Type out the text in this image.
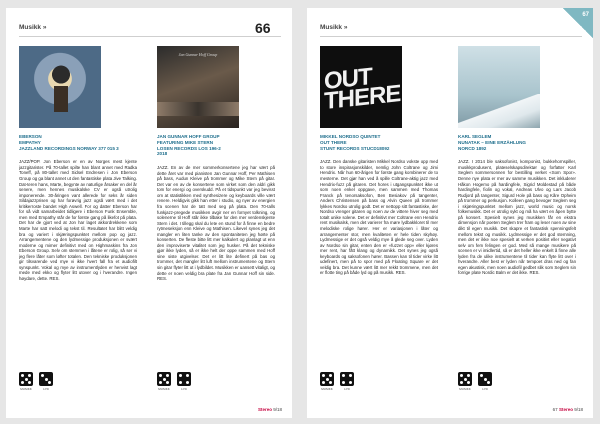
Musikk »	66
EBERSON
EMPATHY
JAZZLAND RECORDINGS NORWAY 377 015 3
JAZZ/POP. Jon Eberson er en av Norges mest kjente jazzgitarister. På 70-tallet spilte han blant annet med Radka Toneff, på 80-tallet med Sidsel Endresen i Jon Eberson Group og ga blant annet ut den fantastiske plata Jive Talking. Dat-teren hans, Marte, begynte av naturlige årsaker en del år senere, men hennes musikalske CV er også utrolig imponerende. 30-åringen vant allerede for seks år siden Sildajazzprisen og har forøvrig jazz også vært med i det kritikerroste bandet High Aswell. For og datter Eberson har for så vidt samarbeidet tidligere i Eberson Funk Ensemble, men med Empathy står de for første gang på likefot på plata. Det har de gjort ved at Jon har laget akkordrekkene som Marte har satt melodi og tekst til. Resultatet har blitt veldig bra og variert i skjæringspunktet mellom pop og jazz. Arrangementene og den lydmessige produksjonen er svært moderne og mimer definitivt med on Highmaskins fra Jon Eberson Group. Selv om stemmen i låtene er rolig, så ser vi jeg flere låter som løfter totalen. Den tekniske produksjonen gir tilsvarende ved mye vi ikke hvert fall fra et audiofilt synspunkt. Vokal og mye av instrumentlyden er henvist lagt mede med ekko og flyter litt utover og i hverandre. Ingen høydare, dette. RES.
Jan Gunnar Hoff Group
JAN GUNNAR HOFF GROUP
FEATURING MIKE STERN
LOSEN RECORDS LOS 196-2
2018
JAZZ. En av de mer sommerkonsertene jeg har vært på dette året var med pianisten Jan Gunnar Hoff, Per Mathisen på bass, Audun Kleive på trommer og Mike Stern på gitar. Det var en av de konsertene som virket som den aldri gikk tom for energi og overskudd. På et tidspunkt var jeg bevisst om at statistikken med synthesizere og keyboards ville vært renere. Heldigvis gikk han etter i studio, og nyer av energien fra scenen har de tatt med seg på plata. Den 70-talls funkjazz-pregede musikken avgir ner en fornyet tolkning, og solenerne til Hoff står ikke tilbake for den mer verdenskjente Stern i det. I tillegg skal du lete en stund for å finne en bedre rytmeseksjon enn Kleive og Mathisen. Likevel synes jeg det mangler en liten tanke av den spontaniteten jeg hørte på konserten. De fleste bitte litt mer kalkulert og planlagt ut enn den improviserte vitalitet som jeg husker. På det tekniske gjør ikke lyden, så er ikke helt der oppe sammen med Hoff sine siste utgivelser. Det er litt lite definert på bas og trommer, det mangler litt luft mellom instrumentene og Stern sin gitar flyter litt ut i lydbildet. Musikken er uansett vitaligt, og dette er noen veldig bra plate fra Jan Gunnar Hoff sin side. RES.
MUSIKK	LYD	MUSIKK	LYD
Stereo 9/18
Musikk »
67
OUT THERE
MIKKEL NORDSO QUINTET
OUT THERE
STUNT RECORDS STUCD18092
JAZZ. Den danske gitaristen Mikkel Nordso vokste opp med to store inspirasjonskilder, nemlig John Coltrane og Jimi Hendrix. Når hun 60-årigen for første gang kombinerer de to mesterne. Det gjør han ved å spille Coltrane-aktig jazz med Hendrix-fuzz på gitaren. Det hores i utgangspunktet ikke ut som noen enkel oppgave, men sammen med Thomas Franck på tenorsaksofon, Ben Besiakov på tangenter, Anders Christensen på bass og Alvin Queen på trommer lykkes Nordso utrolig godt. Det er nettopp sitt fantastiske, der Nordso vrenger gitaren og noen av de vittere hiver seg med totalt unike solene. Det er definitivt mer Coltrane enn Hendrix rent musikalsk, men det varierer fra møre lydbakkloret til mer melodiske rolige hører. Her er variasjonen i låter og arrangementer stor, men kvaliteten er hele tiden skyhøy. Lydmessige er det også veldig mye å glede seg over. Lyden av Nordso sin gitar, enten den er «fuzzet opp» eller kjøres mer rent, har fått klang og dynamikk. Det synes jeg også keyboards og saksofonen hører. Bassen kan til tider virke litt udefinert, men på to spor med på Floating Square er det veldig bra. Det kunne vært litt mer rekkt trommene, men det er flotte ting på både lyd og på musikk. RES.
KARL SEGLEM
NUNATAK – EINE ERZÄHLUNG
NORCD 1892
JAZZ. I 2014 ble saksofonist, komponist, bukkehornspiller, musikkprodusent, plateselskapsdirektør og forfatter Karl Seglem sommersonnen for bestilling verket «Som Spor». Denne nye plata er mer av samme musikken. Det inkluderer Håkon Hogemo på hardingfele, Sigrid Moldestad på både hardingfele, fiolin og vokal, Andreas Ulvo og Lars Jacob Rudjord på tangenter, Sigurd Hole på bass og Kåre Opheim på trommer og perkusjon. Kolleen gang bevoger Seglem seg i skjæringspunktet mellom jazz, world music og norsk folkemusikk. Det er utrolig sykt og må ha vært en åpen bytte på konsert. Spesielt synes jeg musikken får en ekstra dimensjon når poeten Seglem trer fram og leser noen av sine dikt til egen musikk. Det skapre et fantastisk spenningsfelt mellom tekst og musikk. Lydmessige er det god stemning, men det er ikke noe spesielt at verken positivt eller negativt selv om fem felingen er god. Med så mange musikere på scenen er vi imidlertid, så er det heller ikke enkelt å finne alle lyden fra de ulike instrumentene til tider kan flyte litt over i hverandre. Aller best er lyden når tempoet dras ned og fan egen akustisk, men noen audiofil gedbet slik som Seglem sin forrige plate Nordic Balm er det ikke. RES.
MUSIKK	LYD	MUSIKK	LYD
67 Stereo 9/18
